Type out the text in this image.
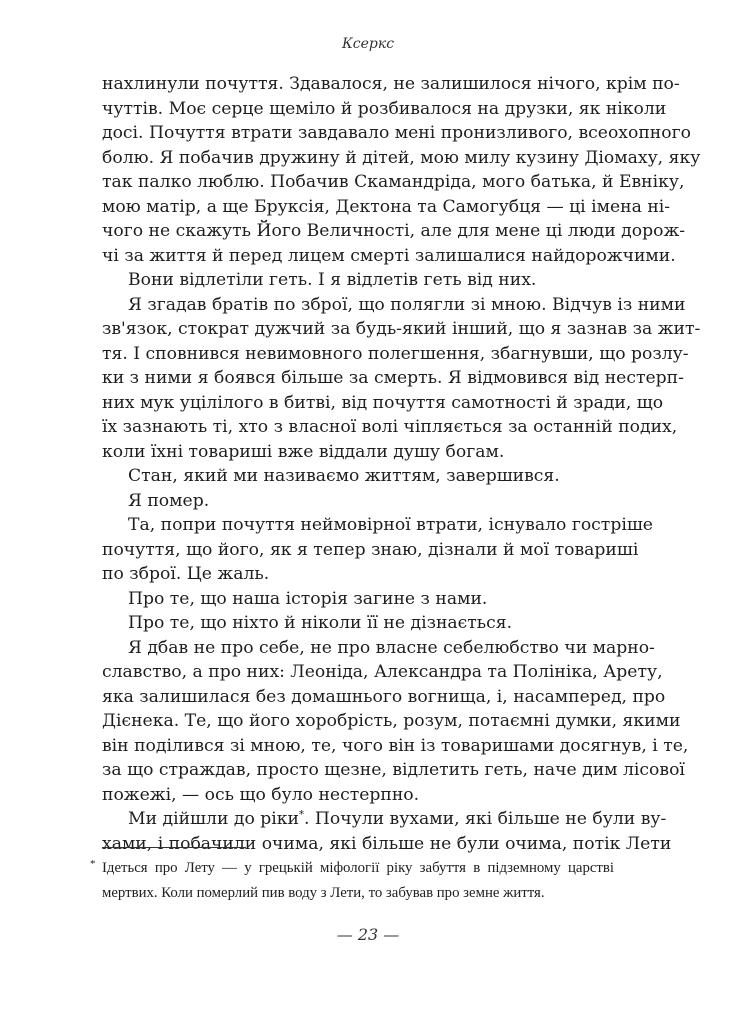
Ксеркс
нахлинули почуття. Здавалося, не залишилося нічого, крім по-
чуттів. Моє серце щеміло й розбивалося на друзки, як ніколи
досі. Почуття втрати завдавало мені пронизливого, всеохопного
болю. Я побачив дружину й дітей, мою милу кузину Діомаху, яку
так палко люблю. Побачив Скамандріда, мого батька, й Евніку,
мою матір, а ще Бруксія, Дектона та Самогубця — ці імена ні-
чого не скажуть Його Величності, але для мене ці люди дорож-
чі за життя й перед лицем смерті залишалися найдорожчими.
Вони відлетіли геть. І я відлетів геть від них.
Я згадав братів по зброї, що полягли зі мною. Відчув із ними
зв'язок, стократ дужчий за будь-який інший, що я зазнав за жит-
тя. І сповнився невимовного полегшення, збагнувши, що розлу-
ки з ними я боявся більше за смерть. Я відмовився від нестерп-
них мук уцілілого в битві, від почуття самотності й зради, що
їх зазнають ті, хто з власної волі чіпляється за останній подих,
коли їхні товариші вже віддали душу богам.
Стан, який ми називаємо життям, завершився.
Я помер.
Та, попри почуття неймовірної втрати, існувало гостріше
почуття, що його, як я тепер знаю, дізнали й мої товариші
по зброї. Це жаль.
Про те, що наша історія загине з нами.
Про те, що ніхто й ніколи її не дізнається.
Я дбав не про себе, не про власне себелюбство чи марно-
славство, а про них: Леоніда, Александра та Полініка, Арету,
яка залишилася без домашнього вогнища, і, насамперед, про
Дієнека. Те, що його хоробрість, розум, потаємні думки, якими
він поділився зі мною, те, чого він із товаришами досягнув, і те,
за що страждав, просто щезне, відлетить геть, наче дим лісової
пожежі, — ось що було нестерпно.
Ми дійшли до ріки*. Почули вухами, які більше не були ву-
хами, і побачили очима, які більше не були очима, потік Лети
* Ідеться про Лету — у грецькій міфології ріку забуття в підземному царстві
мертвих. Коли померлий пив воду з Лети, то забував про земне життя.
— 23 —
